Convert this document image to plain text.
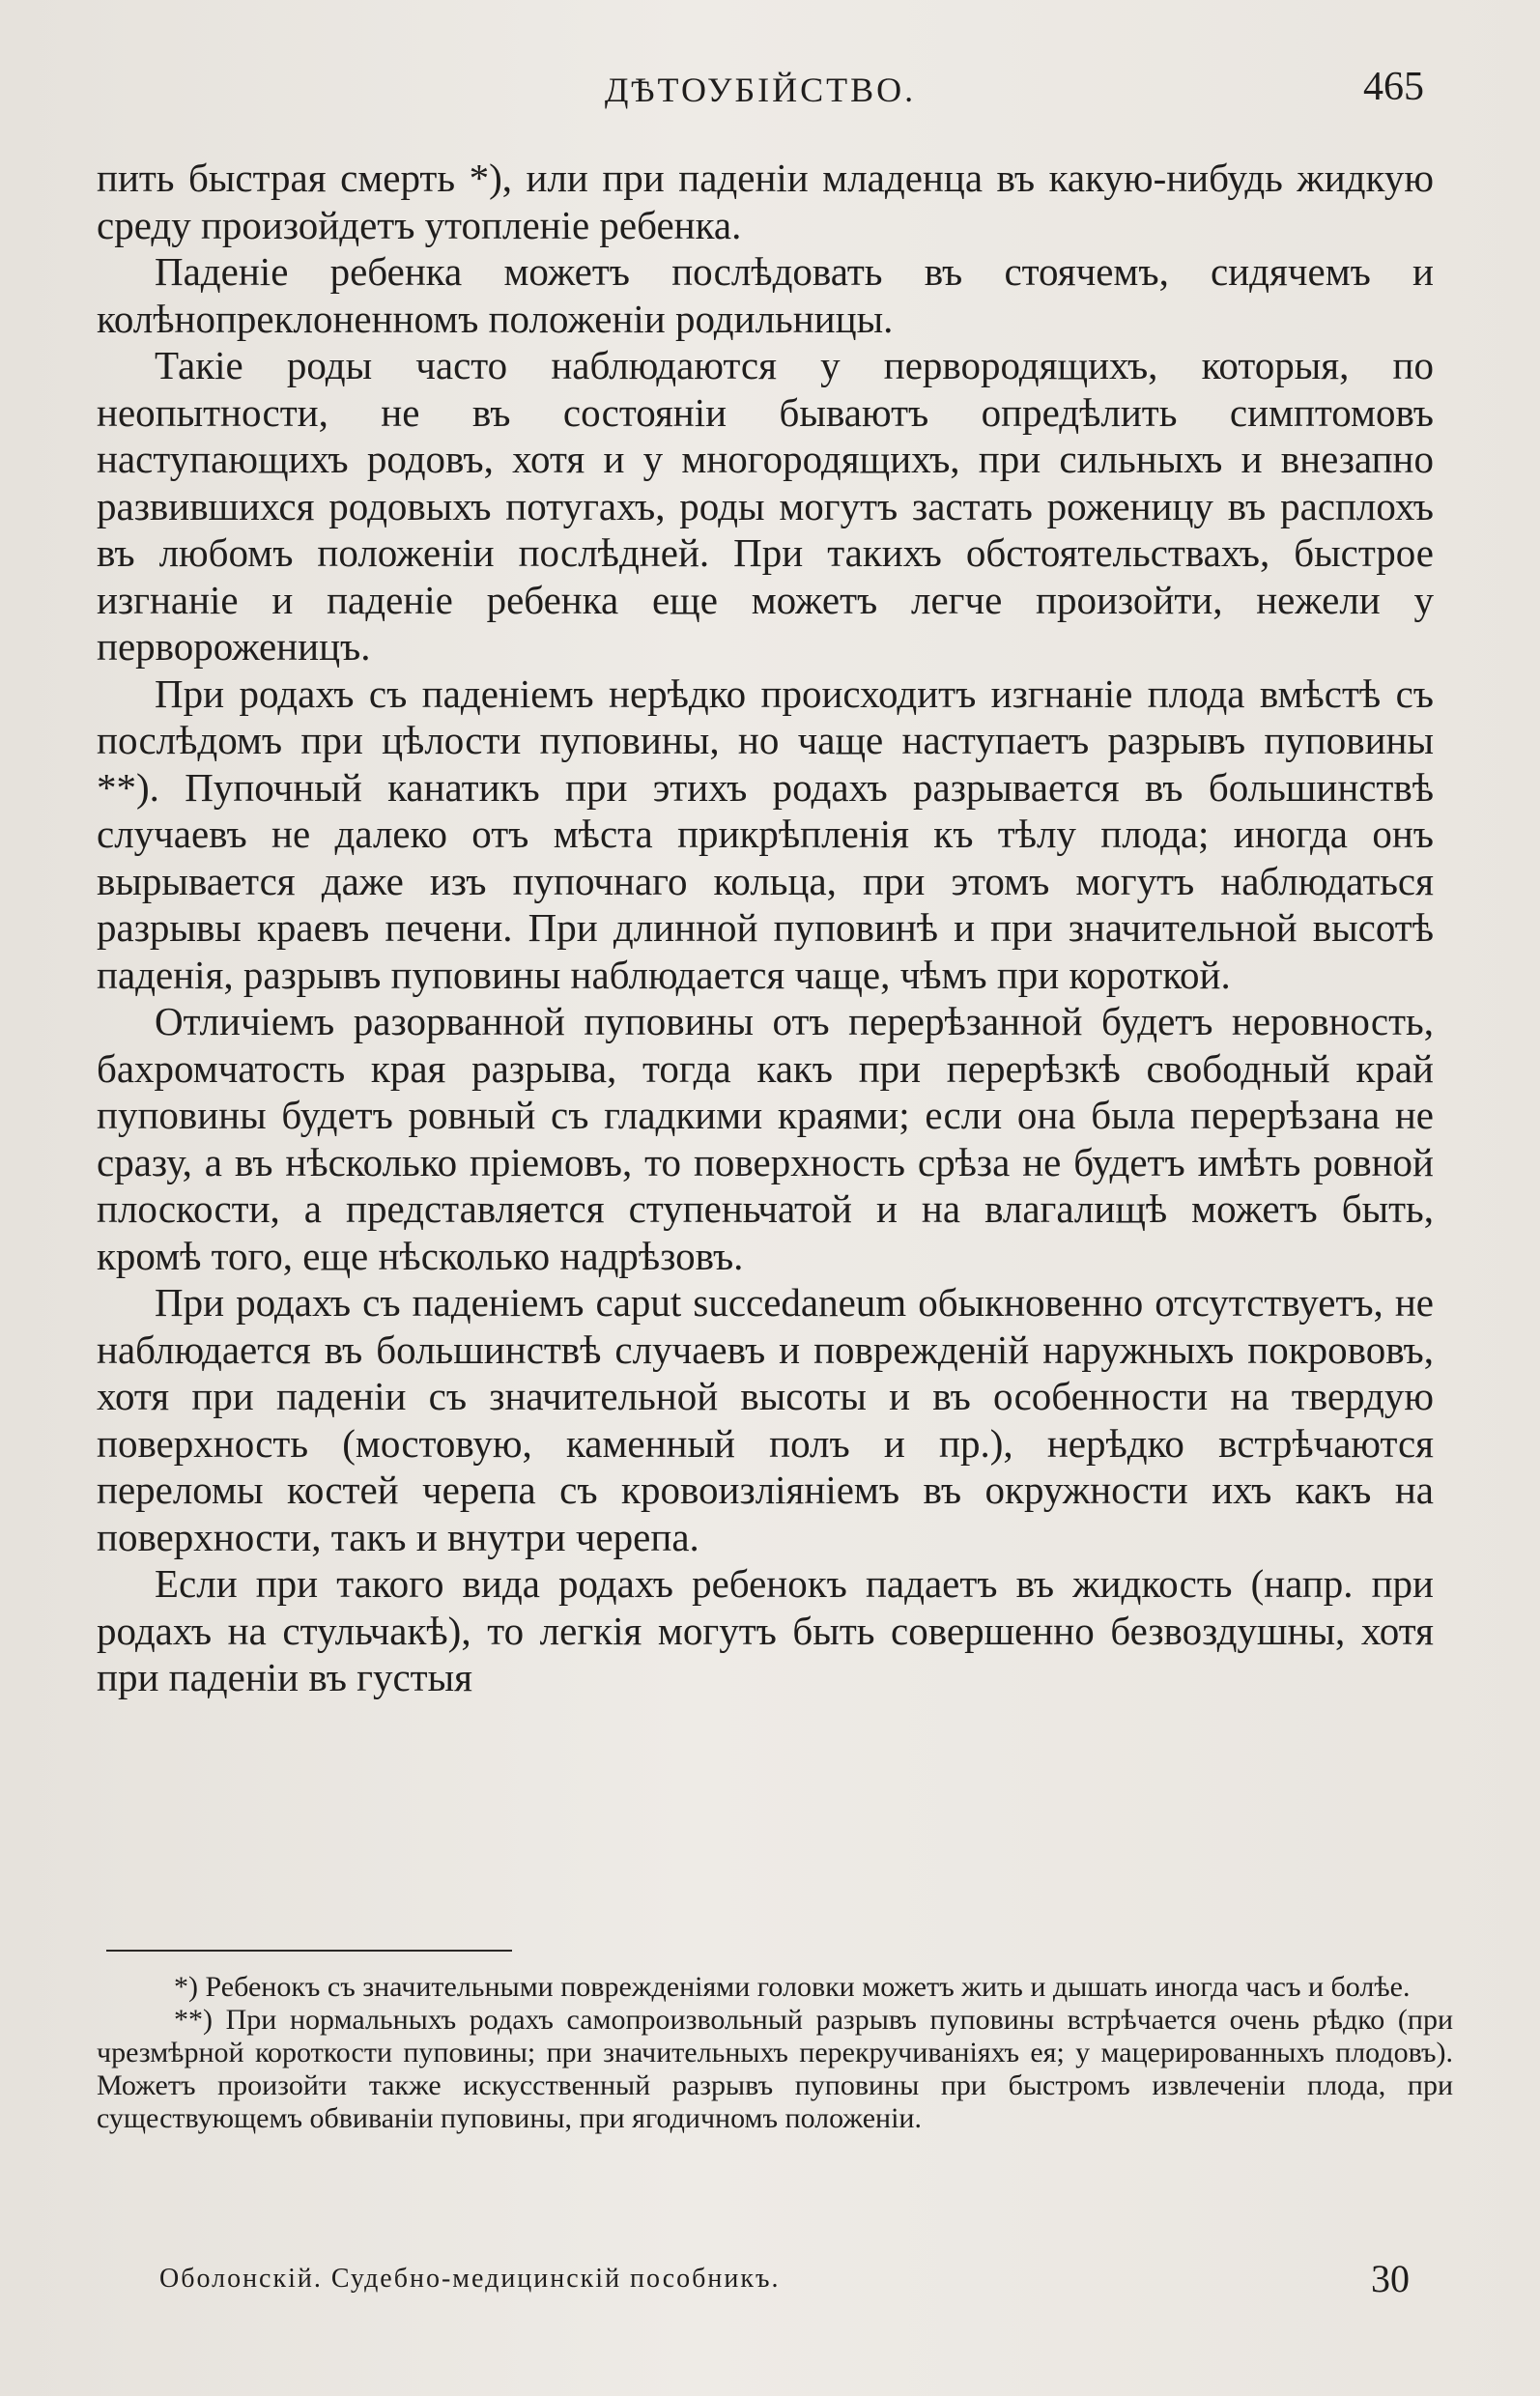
ДѢТОУБІЙСТВО.	465

пить быстрая смерть *), или при паденіи младенца въ какую-нибудь жидкую среду произойдетъ утопленіе ребенка.

Паденіе ребенка можетъ послѣдовать въ стоячемъ, сидячемъ и колѣнопреклоненномъ положеніи родильницы.

Такіе роды часто наблюдаются у первородящихъ, которыя, по неопытности, не въ состояніи бываютъ опредѣлить симптомовъ наступающихъ родовъ, хотя и у многородящихъ, при сильныхъ и внезапно развившихся родовыхъ потугахъ, роды могутъ застать роженицу въ расплохъ въ любомъ положеніи послѣдней. При такихъ обстоятельствахъ, быстрое изгнаніе и паденіе ребенка еще можетъ легче произойти, нежели у первороженицъ.

При родахъ съ паденіемъ нерѣдко происходитъ изгнаніе плода вмѣстѣ съ послѣдомъ при цѣлости пуповины, но чаще наступаетъ разрывъ пуповины **). Пупочный канатикъ при этихъ родахъ разрывается въ большинствѣ случаевъ не далеко отъ мѣста прикрѣпленія къ тѣлу плода; иногда онъ вырывается даже изъ пупочнаго кольца, при этомъ могутъ наблюдаться разрывы краевъ печени. При длинной пуповинѣ и при значительной высотѣ паденія, разрывъ пуповины наблюдается чаще, чѣмъ при короткой.

Отличіемъ разорванной пуповины отъ перерѣзанной будетъ неровность, бахромчатость края разрыва, тогда какъ при перерѣзкѣ свободный край пуповины будетъ ровный съ гладкими краями; если она была перерѣзана не сразу, а въ нѣсколько пріемовъ, то поверхность срѣза не будетъ имѣть ровной плоскости, а представляется ступеньчатой и на влагалищѣ можетъ быть, кромѣ того, еще нѣсколько надрѣзовъ.

При родахъ съ паденіемъ caput succedaneum обыкновенно отсутствуетъ, не наблюдается въ большинствѣ случаевъ и поврежденій наружныхъ покрововъ, хотя при паденіи съ значительной высоты и въ особенности на твердую поверхность (мостовую, каменный полъ и пр.), нерѣдко встрѣчаются переломы костей черепа съ кровоизліяніемъ въ окружности ихъ какъ на поверхности, такъ и внутри черепа.

Если при такого вида родахъ ребенокъ падаетъ въ жидкость (напр. при родахъ на стульчакѣ), то легкія могутъ быть совершенно безвоздушны, хотя при паденіи въ густыя

*) Ребенокъ съ значительными поврежденіями головки можетъ жить и дышать иногда часъ и болѣе.

**) При нормальныхъ родахъ самопроизвольный разрывъ пуповины встрѣчается очень рѣдко (при чрезмѣрной короткости пуповины; при значительныхъ перекручиваніяхъ ея; у мацерированныхъ плодовъ). Можетъ произойти также искусственный разрывъ пуповины при быстромъ извлеченіи плода, при существующемъ обвиваніи пуповины, при ягодичномъ положеніи.

Оболонскій. Судебно-медицинскій пособникъ.	30
